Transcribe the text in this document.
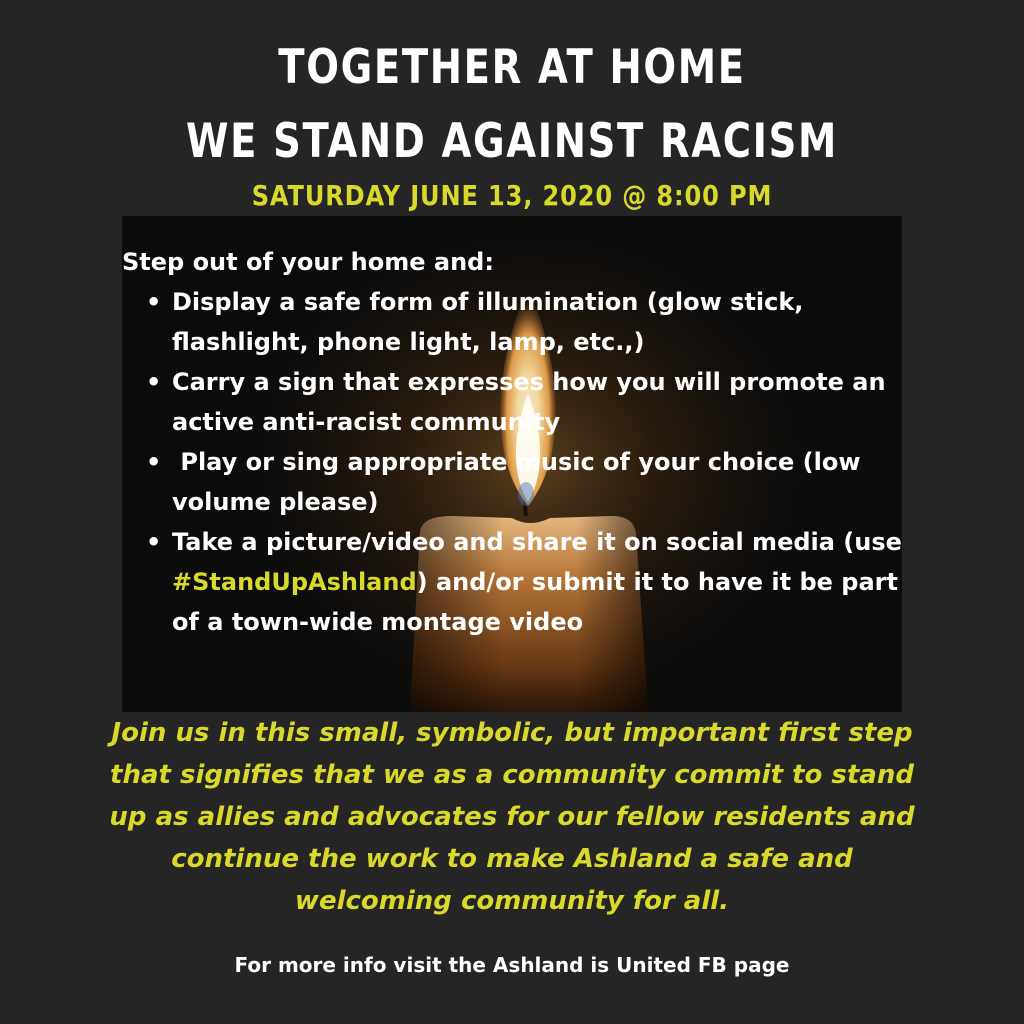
TOGETHER AT HOME
WE STAND AGAINST RACISM
SATURDAY JUNE 13, 2020 @ 8:00 PM
Step out of your home and:
• Display a safe form of illumination (glow stick, flashlight, phone light, lamp, etc.,)
• Carry a sign that expresses how you will promote an active anti-racist community
• Play or sing appropriate music of your choice (low volume please)
• Take a picture/video and share it on social media (use #StandUpAshland) and/or submit it to have it be part of a town-wide montage video
Join us in this small, symbolic, but important first step that signifies that we as a community commit to stand up as allies and advocates for our fellow residents and continue the work to make Ashland a safe and welcoming community for all.
For more info visit the Ashland is United FB page
